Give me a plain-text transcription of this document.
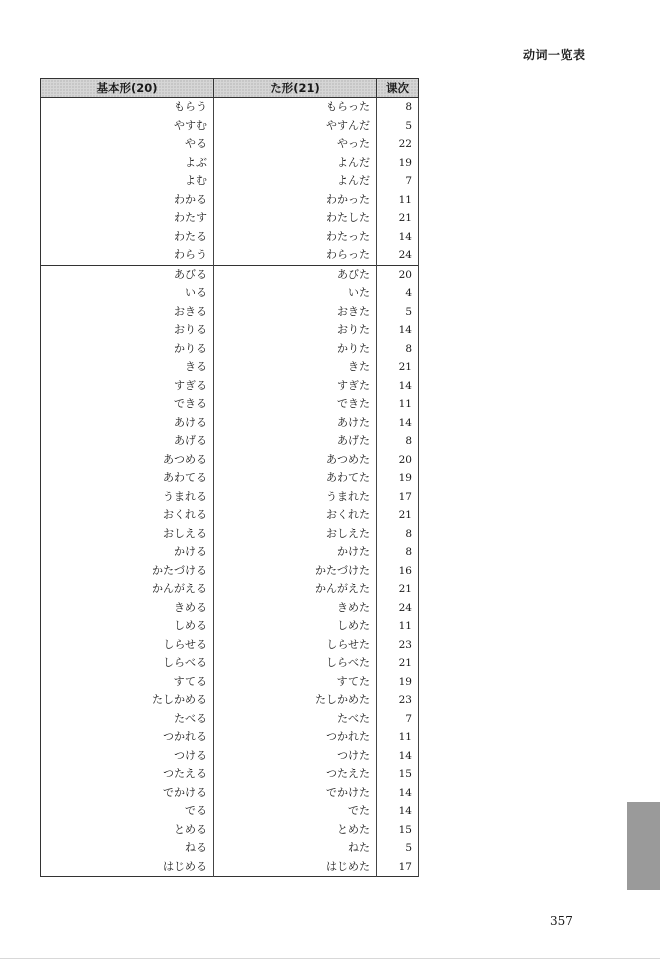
动词一览表
基本形(20)	た形(21)	课次
もらう	もらった	8
やすむ	やすんだ	5
やる	やった	22
よぶ	よんだ	19
よむ	よんだ	7
わかる	わかった	11
わたす	わたした	21
わたる	わたった	14
わらう	わらった	24
あびる	あびた	20
いる	いた	4
おきる	おきた	5
おりる	おりた	14
かりる	かりた	8
きる	きた	21
すぎる	すぎた	14
できる	できた	11
あける	あけた	14
あげる	あげた	8
あつめる	あつめた	20
あわてる	あわてた	19
うまれる	うまれた	17
おくれる	おくれた	21
おしえる	おしえた	8
かける	かけた	8
かたづける	かたづけた	16
かんがえる	かんがえた	21
きめる	きめた	24
しめる	しめた	11
しらせる	しらせた	23
しらべる	しらべた	21
すてる	すてた	19
たしかめる	たしかめた	23
たべる	たべた	7
つかれる	つかれた	11
つける	つけた	14
つたえる	つたえた	15
でかける	でかけた	14
でる	でた	14
とめる	とめた	15
ねる	ねた	5
はじめる	はじめた	17
357
